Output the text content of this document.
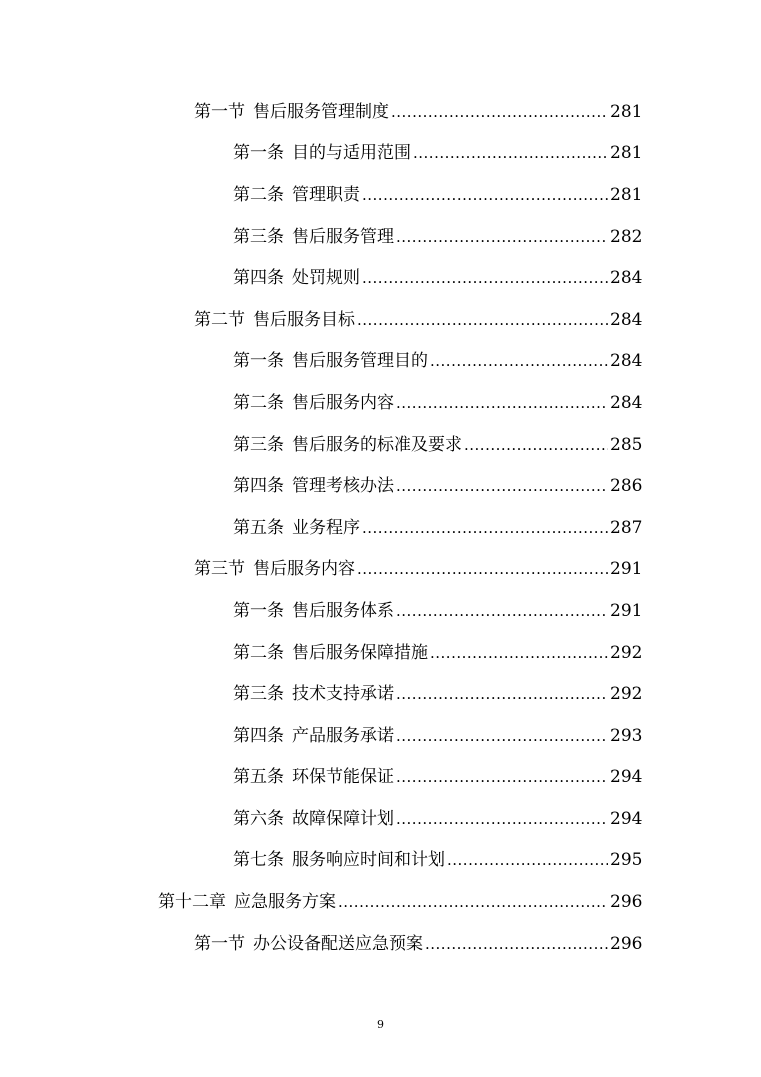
第一节 售后服务管理制度 .....	281
第一条 目的与适用范围 .....	281
第二条 管理职责 .....	281
第三条 售后服务管理 .....	282
第四条 处罚规则 .....	284
第二节 售后服务目标 .....	284
第一条 售后服务管理目的 .....	284
第二条 售后服务内容 .....	284
第三条 售后服务的标准及要求 .....	285
第四条 管理考核办法 .....	286
第五条 业务程序 .....	287
第三节 售后服务内容 .....	291
第一条 售后服务体系 .....	291
第二条 售后服务保障措施 .....	292
第三条 技术支持承诺 .....	292
第四条 产品服务承诺 .....	293
第五条 环保节能保证 .....	294
第六条 故障保障计划 .....	294
第七条 服务响应时间和计划 .....	295
第十二章 应急服务方案 .....	296
第一节 办公设备配送应急预案 .....	296
9
